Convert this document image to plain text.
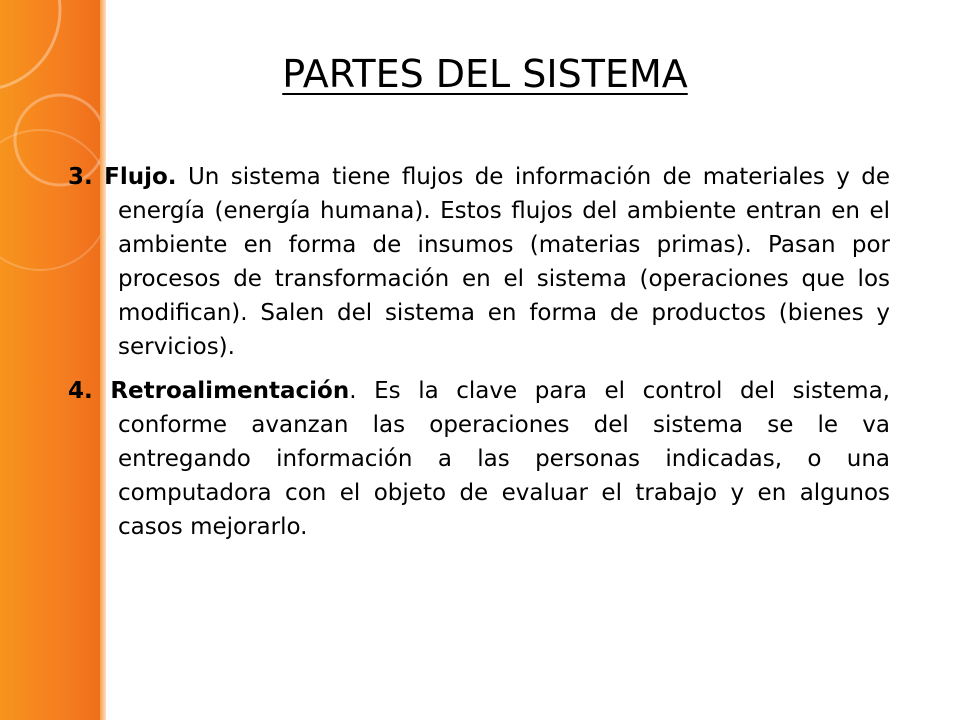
PARTES DEL SISTEMA

3. Flujo. Un sistema tiene flujos de información de materiales y de energía (energía humana). Estos flujos del ambiente entran en el ambiente en forma de insumos (materias primas). Pasan por procesos de transformación en el sistema (operaciones que los modifican). Salen del sistema en forma de productos (bienes y servicios).

4. Retroalimentación. Es la clave para el control del sistema, conforme avanzan las operaciones del sistema se le va entregando información a las personas indicadas, o una computadora con el objeto de evaluar el trabajo y en algunos casos mejorarlo.
